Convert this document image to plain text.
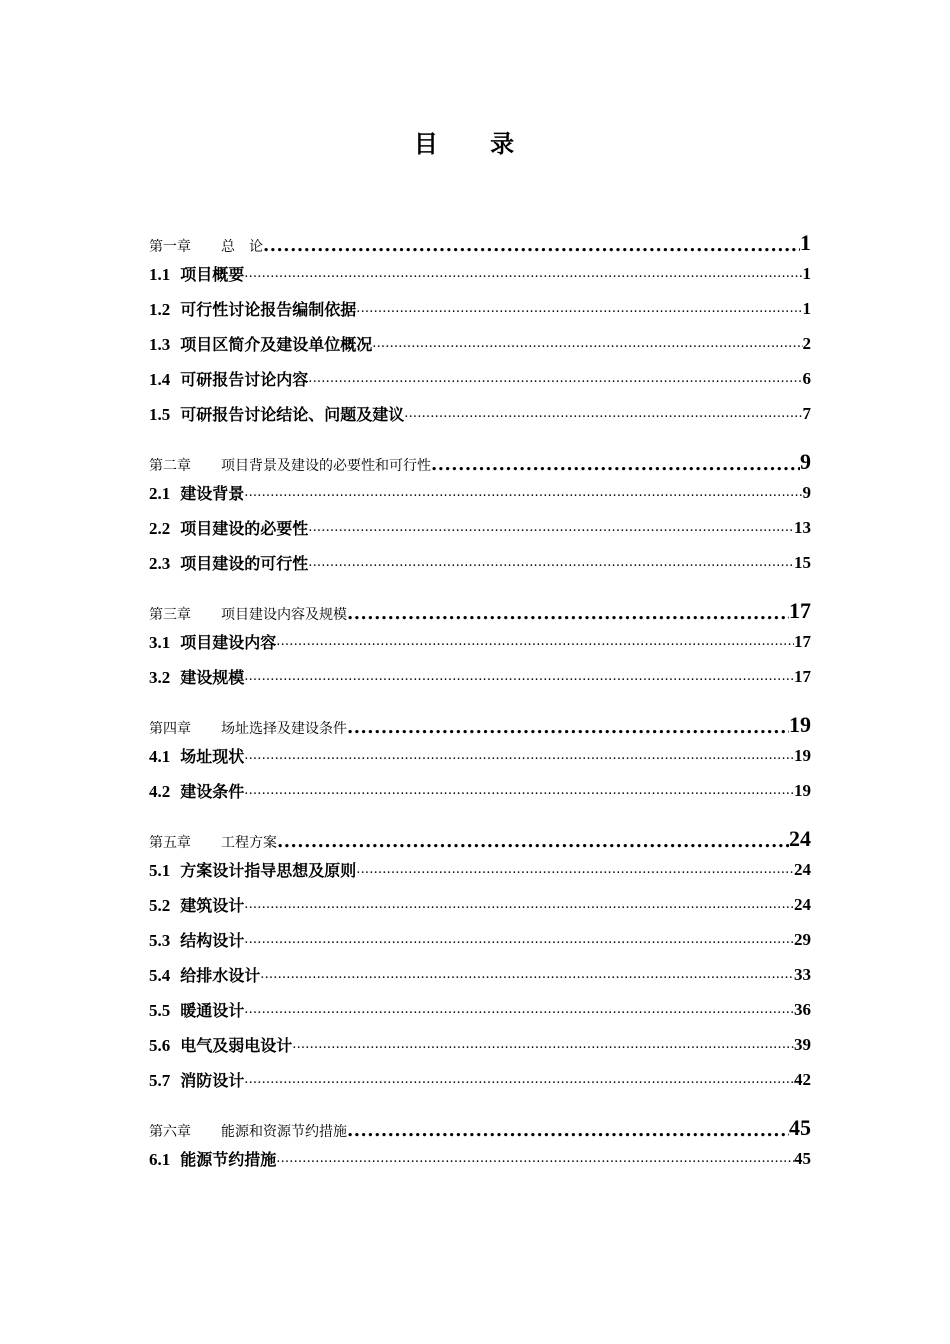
目 录
第一章 总　论 .....	1
1.1 项目概要 .....	1
1.2 可行性讨论报告编制依据 .....	1
1.3 项目区简介及建设单位概况 .....	2
1.4 可研报告讨论内容 .....	6
1.5 可研报告讨论结论、问题及建议 .....	7
第二章 项目背景及建设的必要性和可行性 .....	9
2.1 建设背景 .....	9
2.2 项目建设的必要性 .....	13
2.3 项目建设的可行性 .....	15
第三章 项目建设内容及规模 .....	17
3.1 项目建设内容 .....	17
3.2 建设规模 .....	17
第四章 场址选择及建设条件 .....	19
4.1 场址现状 .....	19
4.2 建设条件 .....	19
第五章 工程方案 .....	24
5.1 方案设计指导思想及原则 .....	24
5.2 建筑设计 .....	24
5.3 结构设计 .....	29
5.4 给排水设计 .....	33
5.5 暖通设计 .....	36
5.6 电气及弱电设计 .....	39
5.7 消防设计 .....	42
第六章 能源和资源节约措施 .....	45
6.1 能源节约措施 .....	45
